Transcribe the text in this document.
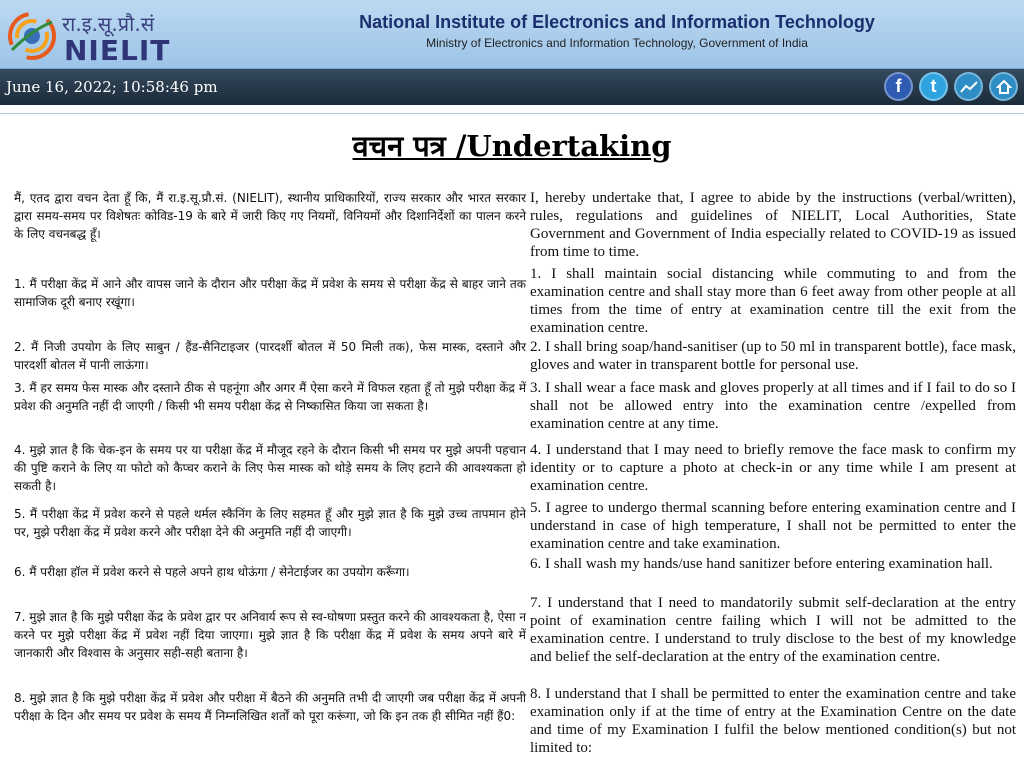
रा.इ.सू.प्रौ.सं
NIELIT
National Institute of Electronics and Information Technology
Ministry of Electronics and Information Technology, Government of India
June 16, 2022; 10:58:46 pm	f	t
वचन पत्र /Undertaking
मैं, एतद द्वारा वचन देता हूँ कि, मैं रा.इ.सू.प्रौ.सं. (NIELIT), स्थानीय प्राधिकारियों, राज्य सरकार और भारत सरकार द्वारा समय-समय पर विशेषतः कोविड-19 के बारे में जारी किए गए नियमों, विनियमों और दिशानिर्देशों का पालन करने के लिए वचनबद्ध हूँ।
I, hereby undertake that, I agree to abide by the instructions (verbal/written), rules, regulations and guidelines of NIELIT, Local Authorities, State Government and Government of India especially related to COVID-19 as issued from time to time.
1. मैं परीक्षा केंद्र में आने और वापस जाने के दौरान और परीक्षा केंद्र में प्रवेश के समय से परीक्षा केंद्र से बाहर जाने तक सामाजिक दूरी बनाए रखूंगा।
1. I shall maintain social distancing while commuting to and from the examination centre and shall stay more than 6 feet away from other people at all times from the time of entry at examination centre till the exit from the examination centre.
2. मैं निजी उपयोग के लिए साबुन / हैंड-सैनिटाइजर (पारदर्शी बोतल में 50 मिली तक), फेस मास्क, दस्ताने और पारदर्शी बोतल में पानी लाऊंगा।
2. I shall bring soap/hand-sanitiser (up to 50 ml in transparent bottle), face mask, gloves and water in transparent bottle for personal use.
3. मैं हर समय फेस मास्क और दस्ताने ठीक से पहनूंगा और अगर मैं ऐसा करने में विफल रहता हूँ तो मुझे परीक्षा केंद्र में प्रवेश की अनुमति नहीं दी जाएगी / किसी भी समय परीक्षा केंद्र से निष्कासित किया जा सकता है।
3. I shall wear a face mask and gloves properly at all times and if I fail to do so I shall not be allowed entry into the examination centre /expelled from examination centre at any time.
4. मुझे ज्ञात है कि चेक-इन के समय पर या परीक्षा केंद्र में मौजूद रहने के दौरान किसी भी समय पर मुझे अपनी पहचान की पुष्टि कराने के लिए या फोटो को कैप्चर कराने के लिए फेस मास्क को थोड़े समय के लिए हटाने की आवश्यकता हो सकती है।
4. I understand that I may need to briefly remove the face mask to confirm my identity or to capture a photo at check-in or any time while I am present at examination centre.
5. मैं परीक्षा केंद्र में प्रवेश करने से पहले थर्मल स्कैनिंग के लिए सहमत हूँ और मुझे ज्ञात है कि मुझे उच्च तापमान होने पर, मुझे परीक्षा केंद्र में प्रवेश करने और परीक्षा देने की अनुमति नहीं दी जाएगी।
5. I agree to undergo thermal scanning before entering examination centre and I understand in case of high temperature, I shall not be permitted to enter the examination centre and take examination.
6. मैं परीक्षा हॉल में प्रवेश करने से पहले अपने हाथ धोऊंगा / सेनेटाईजर का उपयोग करूँगा।	6. I shall wash my hands/use hand sanitizer before entering examination hall.
7. मुझे ज्ञात है कि मुझे परीक्षा केंद्र के प्रवेश द्वार पर अनिवार्य रूप से स्व-घोषणा प्रस्तुत करने की आवश्यकता है, ऐसा न करने पर मुझे परीक्षा केंद्र में प्रवेश नहीं दिया जाएगा। मुझे ज्ञात है कि परीक्षा केंद्र में प्रवेश के समय अपने बारे में जानकारी और विश्वास के अनुसार सही-सही बताना है।
7. I understand that I need to mandatorily submit self-declaration at the entry point of examination centre failing which I will not be admitted to the examination centre. I understand to truly disclose to the best of my knowledge and belief the self-declaration at the entry of the examination centre.
8. मुझे ज्ञात है कि मुझे परीक्षा केंद्र में प्रवेश और परीक्षा में बैठने की अनुमति तभी दी जाएगी जब परीक्षा केंद्र में अपनी परीक्षा के दिन और समय पर प्रवेश के समय मैं निम्नलिखित शर्तों को पूरा करूंगा, जो कि इन तक ही सीमित नहीं हैं0:
8. I understand that I shall be permitted to enter the examination centre and take examination only if at the time of entry at the Examination Centre on the date and time of my Examination I fulfil the below mentioned condition(s) but not limited to:
